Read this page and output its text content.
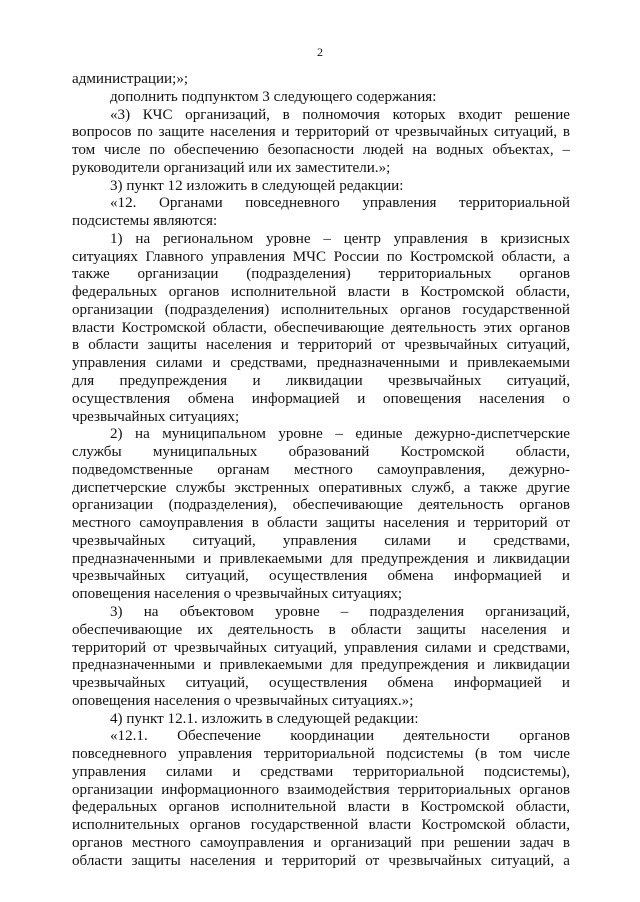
2
администрации;»;
дополнить подпунктом 3 следующего содержания:
«3) КЧС организаций, в полномочия которых входит решение
вопросов по защите населения и территорий от чрезвычайных ситуаций, в
том числе по обеспечению безопасности людей на водных объектах, –
руководители организаций или их заместители.»;
3) пункт 12 изложить в следующей редакции:
«12. Органами повседневного управления территориальной
подсистемы являются:
1) на региональном уровне – центр управления в кризисных
ситуациях Главного управления МЧС России по Костромской области, а
также организации (подразделения) территориальных органов
федеральных органов исполнительной власти в Костромской области,
организации (подразделения) исполнительных органов государственной
власти Костромской области, обеспечивающие деятельность этих органов
в области защиты населения и территорий от чрезвычайных ситуаций,
управления силами и средствами, предназначенными и привлекаемыми
для предупреждения и ликвидации чрезвычайных ситуаций,
осуществления обмена информацией и оповещения населения о
чрезвычайных ситуациях;
2) на муниципальном уровне – единые дежурно-диспетчерские
службы муниципальных образований Костромской области,
подведомственные органам местного самоуправления, дежурно-
диспетчерские службы экстренных оперативных служб, а также другие
организации (подразделения), обеспечивающие деятельность органов
местного самоуправления в области защиты населения и территорий от
чрезвычайных ситуаций, управления силами и средствами,
предназначенными и привлекаемыми для предупреждения и ликвидации
чрезвычайных ситуаций, осуществления обмена информацией и
оповещения населения о чрезвычайных ситуациях;
3) на объектовом уровне – подразделения организаций,
обеспечивающие их деятельность в области защиты населения и
территорий от чрезвычайных ситуаций, управления силами и средствами,
предназначенными и привлекаемыми для предупреждения и ликвидации
чрезвычайных ситуаций, осуществления обмена информацией и
оповещения населения о чрезвычайных ситуациях.»;
4) пункт 12.1. изложить в следующей редакции:
«12.1. Обеспечение координации деятельности органов
повседневного управления территориальной подсистемы (в том числе
управления силами и средствами территориальной подсистемы),
организации информационного взаимодействия территориальных органов
федеральных органов исполнительной власти в Костромской области,
исполнительных органов государственной власти Костромской области,
органов местного самоуправления и организаций при решении задач в
области защиты населения и территорий от чрезвычайных ситуаций, а
